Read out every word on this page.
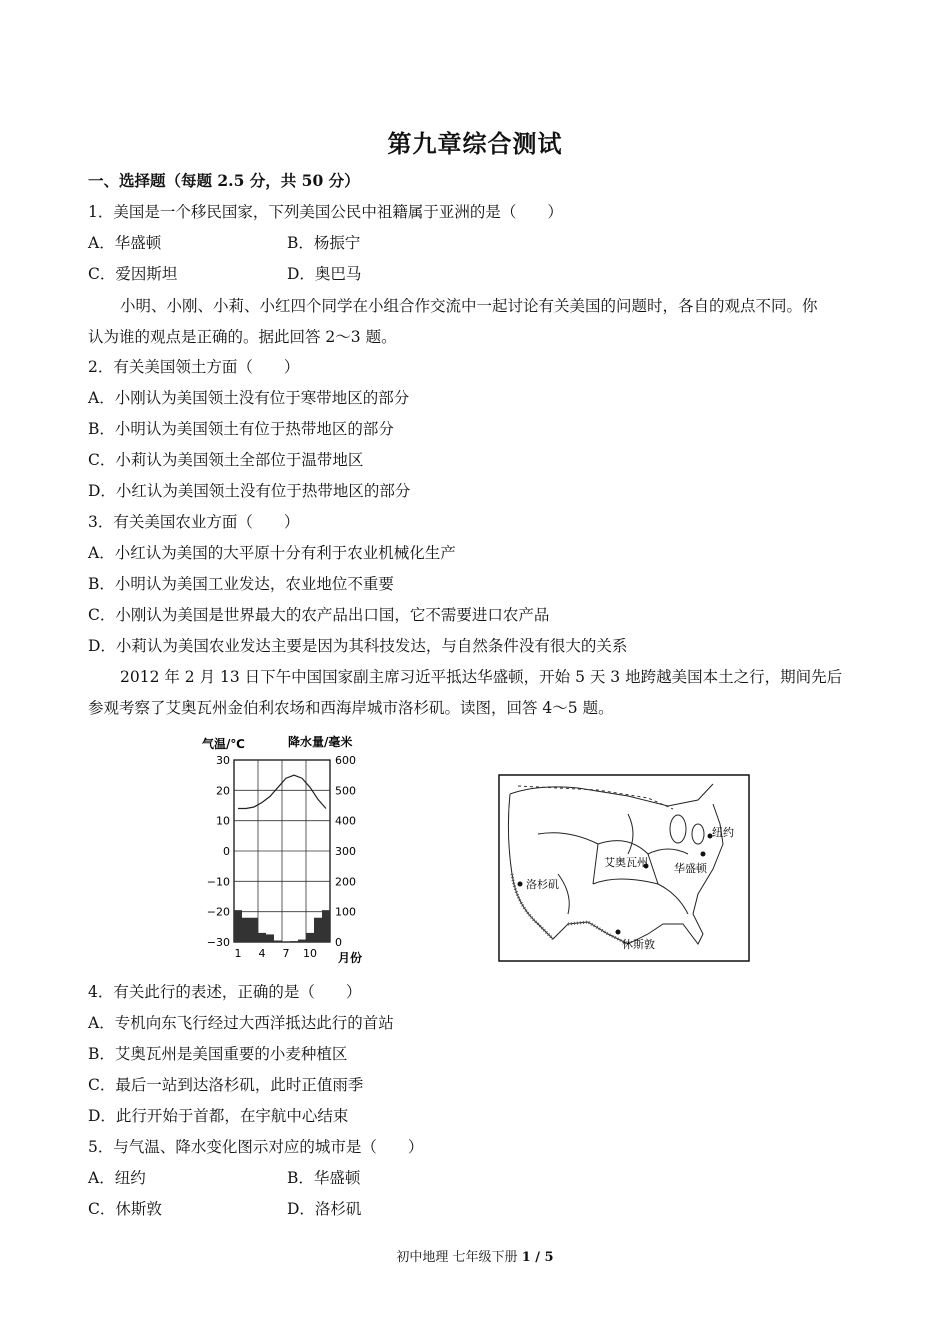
第九章综合测试
一、选择题（每题 2.5 分，共 50 分）
1．美国是一个移民国家，下列美国公民中祖籍属于亚洲的是（　　）
A．华盛顿	B．杨振宁
C．爱因斯坦	D．奥巴马
小明、小刚、小莉、小红四个同学在小组合作交流中一起讨论有关美国的问题时，各自的观点不同。你
认为谁的观点是正确的。据此回答 2～3 题。
2．有关美国领土方面（　　）
A．小刚认为美国领土没有位于寒带地区的部分
B．小明认为美国领土有位于热带地区的部分
C．小莉认为美国领土全部位于温带地区
D．小红认为美国领土没有位于热带地区的部分
3．有关美国农业方面（　　）
A．小红认为美国的大平原十分有利于农业机械化生产
B．小明认为美国工业发达，农业地位不重要
C．小刚认为美国是世界最大的农产品出口国，它不需要进口农产品
D．小莉认为美国农业发达主要是因为其科技发达，与自然条件没有很大的关系
2012 年 2 月 13 日下午中国国家副主席习近平抵达华盛顿，开始 5 天 3 地跨越美国本土之行，期间先后
参观考察了艾奥瓦州金伯利农场和西海岸城市洛杉矶。读图，回答 4～5 题。
气温/℃	降水量/毫米
30
20
10
0
−10
−20
−30
600
500
400
300
200
100
0
1 4 7 10 月份
纽约
艾奥瓦州 华盛顿
洛杉矶
休斯敦
4．有关此行的表述，正确的是（　　）
A．专机向东飞行经过大西洋抵达此行的首站
B．艾奥瓦州是美国重要的小麦种植区
C．最后一站到达洛杉矶，此时正值雨季
D．此行开始于首都，在宇航中心结束
5．与气温、降水变化图示对应的城市是（　　）
A．纽约	B．华盛顿
C．休斯敦	D．洛杉矶
初中地理 七年级下册 1 / 5
